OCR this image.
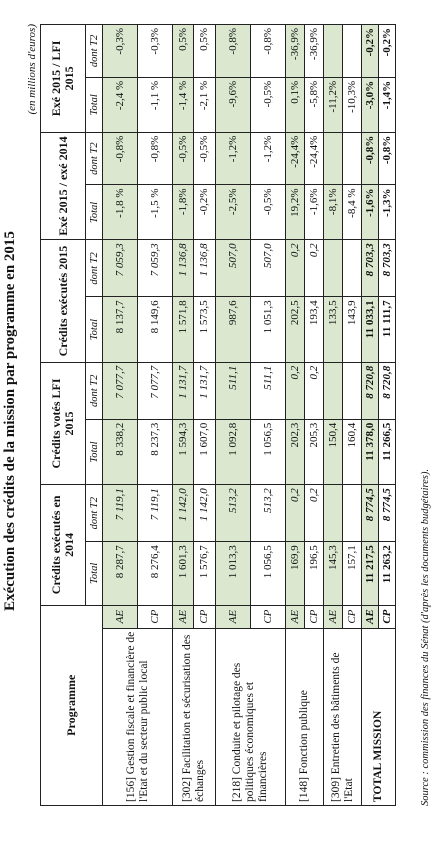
Exécution des crédits de la mission par programme en 2015
(en millions d'euros)
Programme		Crédits exécutés en 2014		Crédits votés LFI 2015		Crédits exécutés 2015		Exé 2015 / exé 2014		Exé 2015 / LFI 2015	
		Total	dont T2	Total	dont T2	Total	dont T2	Total	dont T2	Total	dont T2
[156] Gestion fiscale et financière de l'Etat et du secteur public local	AE	8 287,7	7 119,1	8 338,2	7 077,7	8 137,7	7 059,3	-1,8 %	-0,8%	-2,4 %	-0,3%
	CP	8 276,4	7 119,1	8 237,3	7 077,7	8 149,6	7 059,3	-1,5 %	-0,8%	-1,1 %	-0,3%
[302] Facilitation et sécurisation des échanges	AE	1 601,3	1 142,0	1 594,3	1 131,7	1 571,8	1 136,8	-1,8%	-0,5%	-1,4 %	0,5%
	CP	1 576,7	1 142,0	1 607,0	1 131,7	1 573,5	1 136,8	-0,2%	-0,5%	-2,1 %	0,5%
[218] Conduite et pilotage des politiques économiques et financières	AE	1 013,3	513,2	1 092,8	511,1	987,6	507,0	-2,5%	-1,2%	-9,6%	-0,8%
	CP	1 056,5	513,2	1 056,5	511,1	1 051,3	507,0	-0,5%	-1,2%	-0,5%	-0,8%
[148] Fonction publique	AE	169,9	0,2	202,3	0,2	202,5	0,2	19,2%	-24,4%	0,1%	-36,9%
	CP	196,5	0,2	205,3	0,2	193,4	0,2	-1,6%	-24,4%	-5,8%	-36,9%
[309] Entretien des bâtiments de l'Etat	AE	145,3		150,4		133,5		-8,1%		-11,2%	
	CP	157,1		160,4		143,9		-8,4 %		-10,3%	
TOTAL MISSION	AE	11 217,5	8 774,5	11 378,0	8 720,8	11 033,1	8 703,3	-1,6%	-0,8%	-3,0%	-0,2%
	CP	11 263,2	8 774,5	11 266,5	8 720,8	11 111,7	8 703,3	-1,3%	-0,8%	-1,4%	-0,2%
Source : commission des finances du Sénat (d'après les documents budgétaires).
